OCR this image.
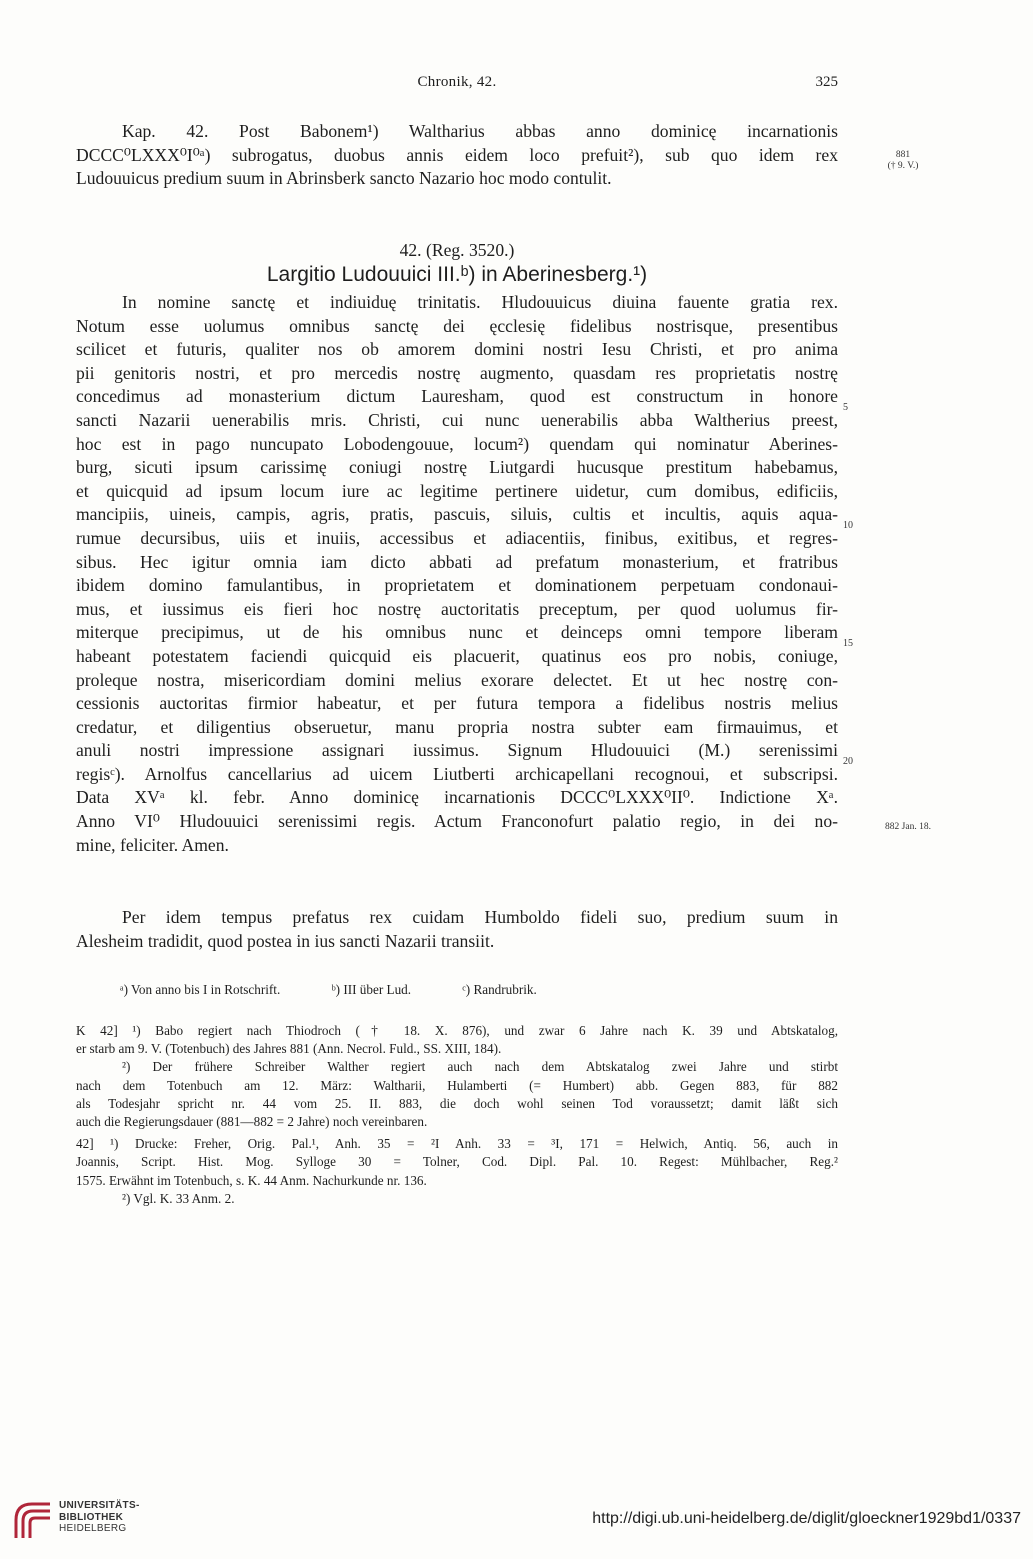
Chronik, 42.	325
Kap. 42. Post Babonem¹) Waltharius abbas anno dominicę incarnationis
DCCC⁰LXXX⁰I⁰ᵃ) subrogatus, duobus annis eidem loco prefuit²), sub quo idem rex
Ludouuicus predium suum in Abrinsberk sancto Nazario hoc modo contulit.
881
(† 9. V.)
42. (Reg. 3520.)
Largitio Ludouuici III.ᵇ) in Aberinesberg.¹)
In nomine sanctę et indiuiduę trinitatis. Hludouuicus diuina fauente gratia rex.
Notum esse uolumus omnibus sanctę dei ęcclesię fidelibus nostrisque, presentibus
scilicet et futuris, qualiter nos ob amorem domini nostri Iesu Christi, et pro anima
pii genitoris nostri, et pro mercedis nostrę augmento, quasdam res proprietatis nostrę
concedimus ad monasterium dictum Lauresham, quod est constructum in honore
sancti Nazarii uenerabilis mris. Christi, cui nunc uenerabilis abba Waltherius preest,
hoc est in pago nuncupato Lobodengouue, locum²) quendam qui nominatur Aberines-
burg, sicuti ipsum carissimę coniugi nostrę Liutgardi hucusque prestitum habebamus,
et quicquid ad ipsum locum iure ac legitime pertinere uidetur, cum domibus, edificiis,
mancipiis, uineis, campis, agris, pratis, pascuis, siluis, cultis et incultis, aquis aqua-
rumue decursibus, uiis et inuiis, accessibus et adiacentiis, finibus, exitibus, et regres-
sibus. Hec igitur omnia iam dicto abbati ad prefatum monasterium, et fratribus
ibidem domino famulantibus, in proprietatem et dominationem perpetuam condonaui-
mus, et iussimus eis fieri hoc nostrę auctoritatis preceptum, per quod uolumus fir-
miterque precipimus, ut de his omnibus nunc et deinceps omni tempore liberam
habeant potestatem faciendi quicquid eis placuerit, quatinus eos pro nobis, coniuge,
proleque nostra, misericordiam domini melius exorare delectet. Et ut hec nostrę con-
cessionis auctoritas firmior habeatur, et per futura tempora a fidelibus nostris melius
credatur, et diligentius obseruetur, manu propria nostra subter eam firmauimus, et
anuli nostri impressione assignari iussimus. Signum Hludouuici (M.) serenissimi
regisᶜ). Arnolfus cancellarius ad uicem Liutberti archicapellani recognoui, et subscripsi.
Data XVᵃ kl. febr. Anno dominicę incarnationis DCCC⁰LXXX⁰II⁰. Indictione Xᵃ.
Anno VI⁰ Hludouuici serenissimi regis. Actum Franconofurt palatio regio, in dei no-
mine, feliciter. Amen.
5
10
15
20
882 Jan. 18.
Per idem tempus prefatus rex cuidam Humboldo fideli suo, predium suum in
Alesheim tradidit, quod postea in ius sancti Nazarii transiit.
ᵃ) Von anno bis I in Rotschrift.	ᵇ) III über Lud.	ᶜ) Randrubrik.
K 42] ¹) Babo regiert nach Thiodroch († 18. X. 876), und zwar 6 Jahre nach K. 39 und Abtskatalog,
er starb am 9. V. (Totenbuch) des Jahres 881 (Ann. Necrol. Fuld., SS. XIII, 184).
²) Der frühere Schreiber Walther regiert auch nach dem Abtskatalog zwei Jahre und stirbt
nach dem Totenbuch am 12. März: Waltharii, Hulamberti (= Humbert) abb. Gegen 883, für 882
als Todesjahr spricht nr. 44 vom 25. II. 883, die doch wohl seinen Tod voraussetzt; damit läßt sich
auch die Regierungsdauer (881—882 = 2 Jahre) noch vereinbaren.
42] ¹) Drucke: Freher, Orig. Pal.¹, Anh. 35 = ²I Anh. 33 = ³I, 171 = Helwich, Antiq. 56, auch in
Joannis, Script. Hist. Mog. Sylloge 30 = Tolner, Cod. Dipl. Pal. 10. Regest: Mühlbacher, Reg.²
1575. Erwähnt im Totenbuch, s. K. 44 Anm. Nachurkunde nr. 136.
²) Vgl. K. 33 Anm. 2.
UNIVERSITÄTS-
BIBLIOTHEK
HEIDELBERG
http://digi.ub.uni-heidelberg.de/diglit/gloeckner1929bd1/0337
